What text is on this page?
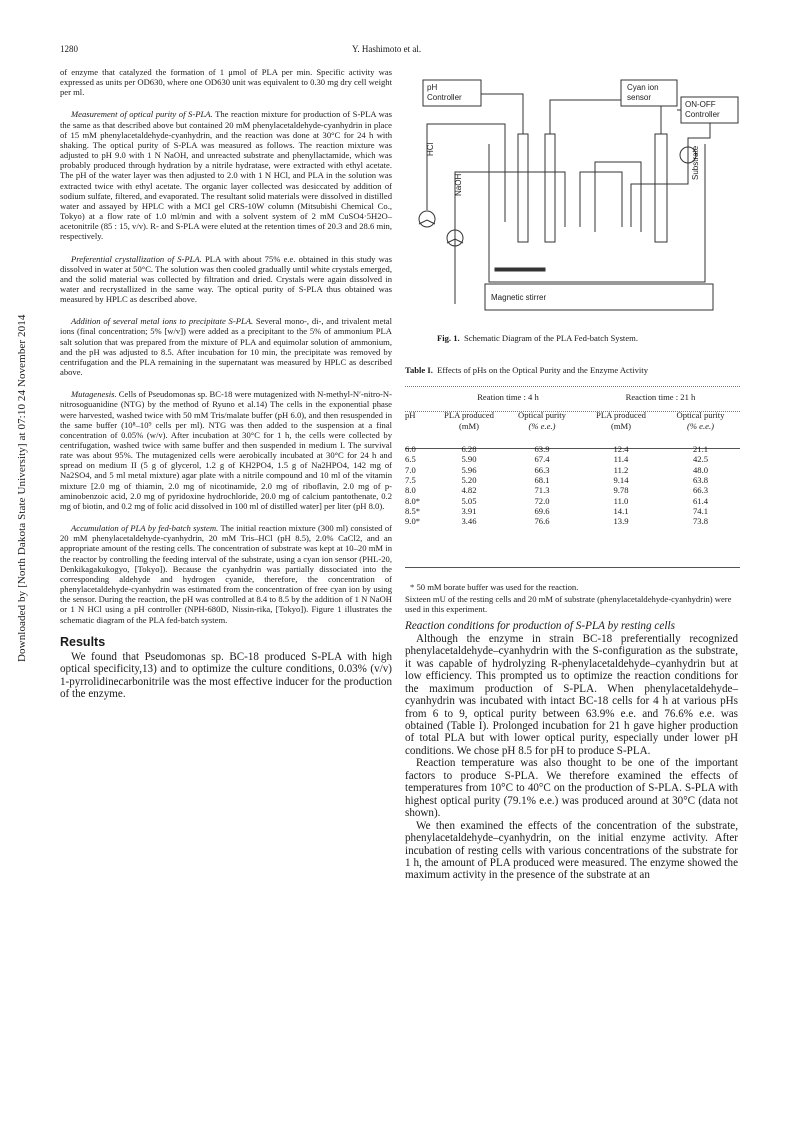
1280	Y. Hashimoto et al.
Downloaded by [North Dakota State University] at 07:10 24 November 2014

of enzyme that catalyzed the formation of 1 μmol of PLA per min. Specific activity was expressed as units per OD630, where one OD630 unit was equivalent to 0.30 mg dry cell weight per ml.

Measurement of optical purity of S-PLA. The reaction mixture for production of S-PLA was the same as that described above but contained 20 mM phenylacetaldehyde-cyanhydrin in place of 15 mM phenylacetaldehyde-cyanhydrin, and the reaction was done at 30°C for 24 h with shaking. The optical purity of S-PLA was measured as follows. The reaction mixture was adjusted to pH 9.0 with 1 N NaOH, and unreacted substrate and phenyllactamide, which was probably produced through hydration by a nitrile hydratase, were extracted with ethyl acetate. The pH of the water layer was then adjusted to 2.0 with 1 N HCl, and PLA in the solution was extracted twice with ethyl acetate. The organic layer collected was desiccated by addition of sodium sulfate, filtered, and evaporated. The resultant solid materials were dissolved in distilled water and assayed by HPLC with a MCI gel CRS-10W column (Mitsubishi Chemical Co., Tokyo) at a flow rate of 1.0 ml/min and with a solvent system of 2 mM CuSO4·5H2O–acetonitrile (85 : 15, v/v). R- and S-PLA were eluted at the retention times of 20.3 and 28.6 min, respectively.

Preferential crystallization of S-PLA. PLA with about 75% e.e. obtained in this study was dissolved in water at 50°C. The solution was then cooled gradually until white crystals emerged, and the solid material was collected by filtration and dried. Crystals were again dissolved in water and recrystallized in the same way. The optical purity of S-PLA thus obtained was measured by HPLC as described above.

Addition of several metal ions to precipitate S-PLA. Several mono-, di-, and trivalent metal ions (final concentration; 5% [w/v]) were added as a precipitant to the 5% of ammonium PLA salt solution that was prepared from the mixture of PLA and equimolar solution of ammonium, and the pH was adjusted to 8.5. After incubation for 10 min, the precipitate was removed by centrifugation and the PLA remaining in the supernatant was measured by HPLC as described above.

Mutagenesis. Cells of Pseudomonas sp. BC-18 were mutagenized with N-methyl-N′-nitro-N-nitrosoguanidine (NTG) by the method of Ryuno et al.14) The cells in the exponential phase were harvested, washed twice with 50 mM Tris/malate buffer (pH 6.0), and then resuspended in the same buffer (10⁸–10⁹ cells per ml). NTG was then added to the suspension at a final concentration of 0.05% (w/v). After incubation at 30°C for 1 h, the cells were collected by centrifugation, washed twice with same buffer and then suspended in medium I. The survival rate was about 95%. The mutagenized cells were aerobically incubated at 30°C for 24 h and spread on medium II (5 g of glycerol, 1.2 g of KH2PO4, 1.5 g of Na2HPO4, 142 mg of Na2SO4, and 5 ml metal mixture) agar plate with a nitrile compound and 10 ml of the vitamin mixture [2.0 mg of thiamin, 2.0 mg of nicotinamide, 2.0 mg of riboflavin, 2.0 mg of p-aminobenzoic acid, 2.0 mg of pyridoxine hydrochloride, 20.0 mg of calcium pantothenate, 0.2 mg of biotin, and 0.2 mg of folic acid dissolved in 100 ml of distilled water] per liter (pH 8.0).

Accumulation of PLA by fed-batch system. The initial reaction mixture (300 ml) consisted of 20 mM phenylacetaldehyde-cyanhydrin, 20 mM Tris–HCl (pH 8.5), 2.0% CaCl2, and an appropriate amount of the resting cells. The concentration of substrate was kept at 10–20 mM in the reactor by controlling the feeding interval of the substrate, using a cyan ion sensor (PHL-20, Denkikagakukogyo, [Tokyo]). Because the cyanhydrin was partially dissociated into the corresponding aldehyde and hydrogen cyanide, therefore, the concentration of phenylacetaldehyde-cyanhydrin was estimated from the concentration of free cyan ion by using the sensor. During the reaction, the pH was controlled at 8.4 to 8.5 by the addition of 1 N NaOH or 1 N HCl using a pH controller (NPH-680D, Nissin-rika, [Tokyo]). Figure 1 illustrates the schematic diagram of the PLA fed-batch system.

Results

We found that Pseudomonas sp. BC-18 produced S-PLA with high optical specificity,13) and to optimize the culture conditions, 0.03% (v/v) 1-pyrrolidinecarbonitrile was the most effective inducer for the production of the enzyme.

pH
Controller
Cyan ion
sensor
ON-OFF
Controller
Magnetic stirrer
HCl
NaOH
Substrate
Fig. 1. Schematic Diagram of the PLA Fed-batch System.
Table I. Effects of pHs on the Optical Purity and the Enzyme Activity
	Reation time : 4 h		Reaction time : 21 h	

pH	PLA produced	Optical purity	PLA produced	Optical purity
	(mM)	(% e.e.)	(mM)	(% e.e.)

6.0	6.28	63.9	12.4	21.1
6.5	5.90	67.4	11.4	42.5
7.0	5.96	66.3	11.2	48.0
7.5	5.20	68.1	9.14	63.8
8.0	4.82	71.3	9.78	66.3
8.0*	5.05	72.0	11.0	61.4
8.5*	3.91	69.6	14.1	74.1
9.0*	3.46	76.6	13.9	73.8
* 50 mM borate buffer was used for the reaction.
Sixteen mU of the resting cells and 20 mM of substrate (phenylacetaldehyde-cyanhydrin) were used in this experiment.

Reaction conditions for production of S-PLA by resting cells

Although the enzyme in strain BC-18 preferentially recognized phenylacetaldehyde–cyanhydrin with the S-configuration as the substrate, it was capable of hydrolyzing R-phenylacetaldehyde–cyanhydrin but at low efficiency. This prompted us to optimize the reaction conditions for the maximum production of S-PLA. When phenylacetaldehyde–cyanhydrin was incubated with intact BC-18 cells for 4 h at various pHs from 6 to 9, optical purity between 63.9% e.e. and 76.6% e.e. was obtained (Table I). Prolonged incubation for 21 h gave higher production of total PLA but with lower optical purity, especially under lower pH conditions. We chose pH 8.5 for pH to produce S-PLA.

Reaction temperature was also thought to be one of the important factors to produce S-PLA. We therefore examined the effects of temperatures from 10°C to 40°C on the production of S-PLA. S-PLA with highest optical purity (79.1% e.e.) was produced around at 30°C (data not shown).

We then examined the effects of the concentration of the substrate, phenylacetaldehyde–cyanhydrin, on the initial enzyme activity. After incubation of resting cells with various concentrations of the substrate for 1 h, the amount of PLA produced were measured. The enzyme showed the maximum activity in the presence of the substrate at an
